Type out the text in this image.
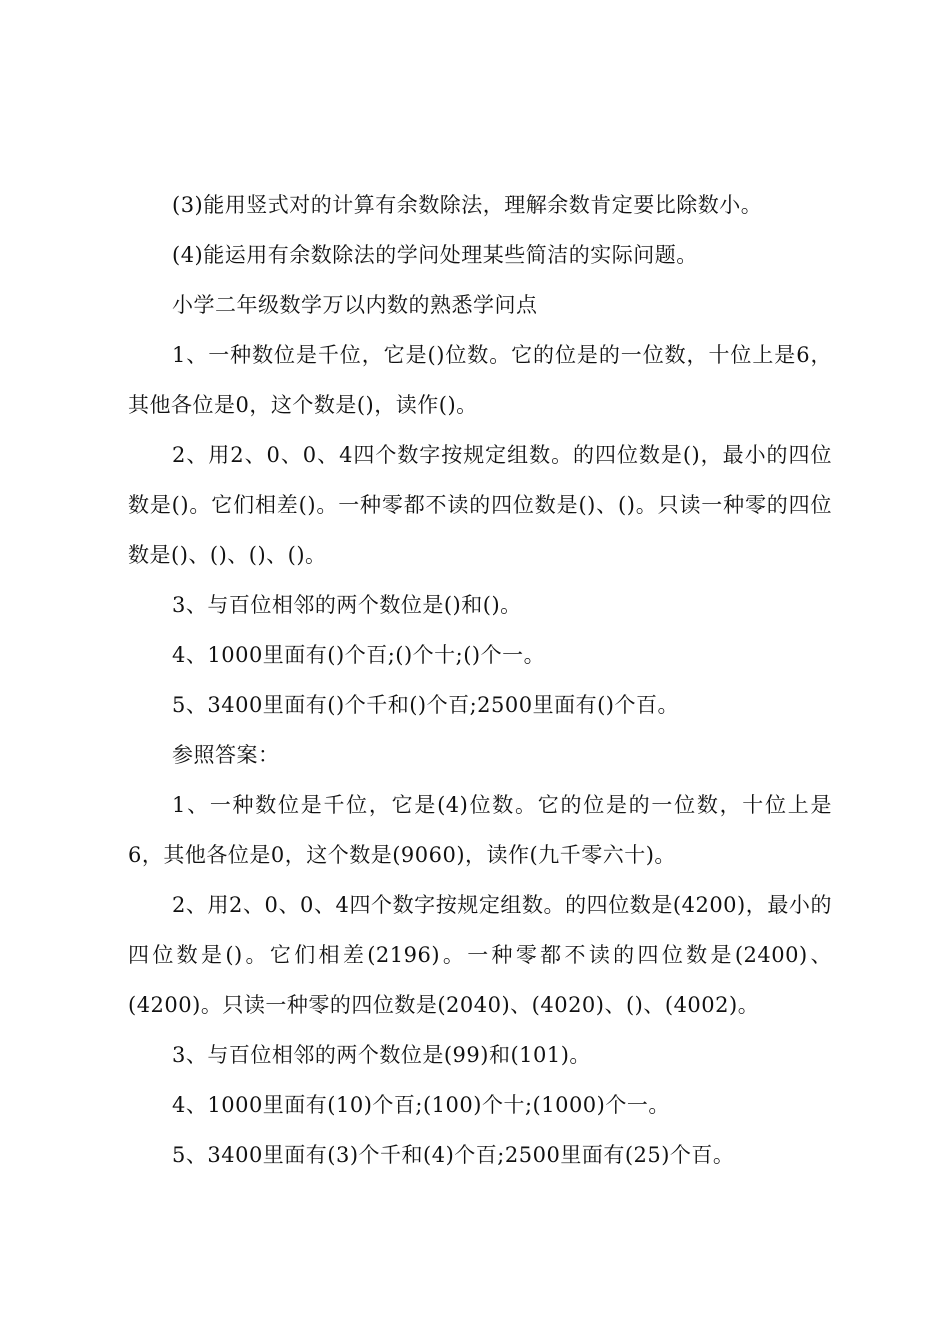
(3)能用竖式对的计算有余数除法，理解余数肯定要比除数小。

(4)能运用有余数除法的学问处理某些简洁的实际问题。

小学二年级数学万以内数的熟悉学问点

1、一种数位是千位，它是()位数。它的位是的一位数，十位上是6，其他各位是0，这个数是()，读作()。

2、用2、0、0、4四个数字按规定组数。的四位数是()，最小的四位数是()。它们相差()。一种零都不读的四位数是()、()。只读一种零的四位数是()、()、()、()。

3、与百位相邻的两个数位是()和()。

4、1000里面有()个百;()个十;()个一。

5、3400里面有()个千和()个百;2500里面有()个百。

参照答案：

1、一种数位是千位，它是(4)位数。它的位是的一位数，十位上是6，其他各位是0，这个数是(9060)，读作(九千零六十)。

2、用2、0、0、4四个数字按规定组数。的四位数是(4200)，最小的四位数是()。它们相差(2196)。一种零都不读的四位数是(2400)、(4200)。只读一种零的四位数是(2040)、(4020)、()、(4002)。

3、与百位相邻的两个数位是(99)和(101)。

4、1000里面有(10)个百;(100)个十;(1000)个一。

5、3400里面有(3)个千和(4)个百;2500里面有(25)个百。
